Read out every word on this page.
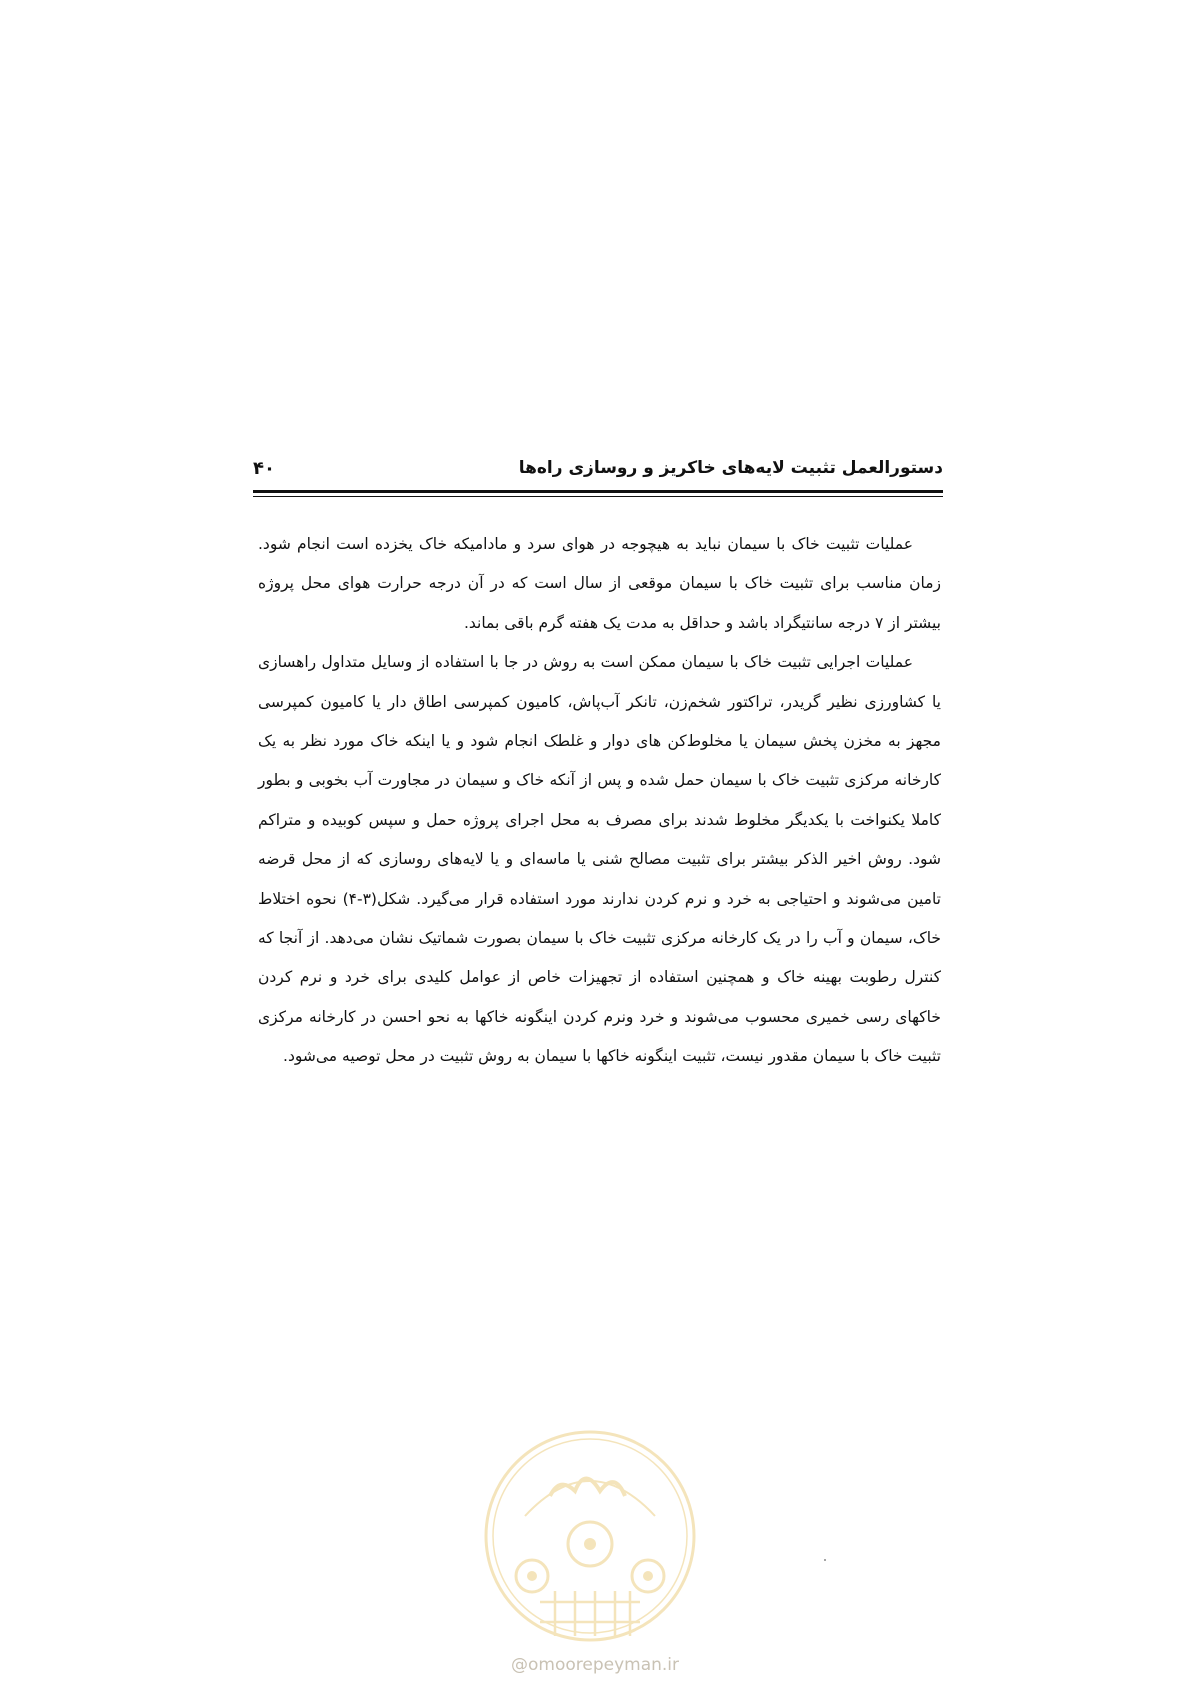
دستورالعمل تثبیت لایه‌های خاکریز و روسازی راه‌ها
۴۰

عملیات تثبیت خاک با سیمان نباید به هیچوجه در هوای سرد و مادامیکه خاک یخزده است انجام شود. زمان مناسب برای تثبیت خاک با سیمان موقعی از سال است که در آن درجه حرارت هوای محل پروژه بیشتر از ۷ درجه سانتیگراد باشد و حداقل به مدت یک هفته گرم باقی بماند.

عملیات اجرایی تثبیت خاک با سیمان ممکن است به روش در جا با استفاده از وسایل متداول راهسازی یا کشاورزی نظیر گریدر، تراکتور شخم‌زن، تانکر آب‌پاش، کامیون کمپرسی اطاق دار یا کامیون کمپرسی مجهز به مخزن پخش سیمان یا مخلوط‌کن های دوار و غلطک انجام شود و یا اینکه خاک مورد نظر به یک کارخانه مرکزی تثبیت خاک با سیمان حمل شده و پس از آنکه خاک و سیمان در مجاورت آب بخوبی و بطور کاملا یکنواخت با یکدیگر مخلوط شدند برای مصرف به محل اجرای پروژه حمل و سپس کوبیده و متراکم شود. روش اخیر الذکر بیشتر برای تثبیت مصالح شنی یا ماسه‌ای و یا لایه‌های روسازی که از محل قرضه تامین می‌شوند و احتیاجی به خرد و نرم کردن ندارند مورد استفاده قرار می‌گیرد. شکل(۳-۴) نحوه اختلاط خاک، سیمان و آب را در یک کارخانه مرکزی تثبیت خاک با سیمان بصورت شماتیک نشان می‌دهد. از آنجا که کنترل رطوبت بهینه خاک و همچنین استفاده از تجهیزات خاص از عوامل کلیدی برای خرد و نرم کردن خاکهای رسی خمیری محسوب می‌شوند و خرد ونرم کردن اینگونه خاکها به نحو احسن در کارخانه مرکزی تثبیت خاک با سیمان مقدور نیست، تثبیت اینگونه خاکها با سیمان به روش تثبیت در محل توصیه می‌شود.

@omoorepeyman.ir
